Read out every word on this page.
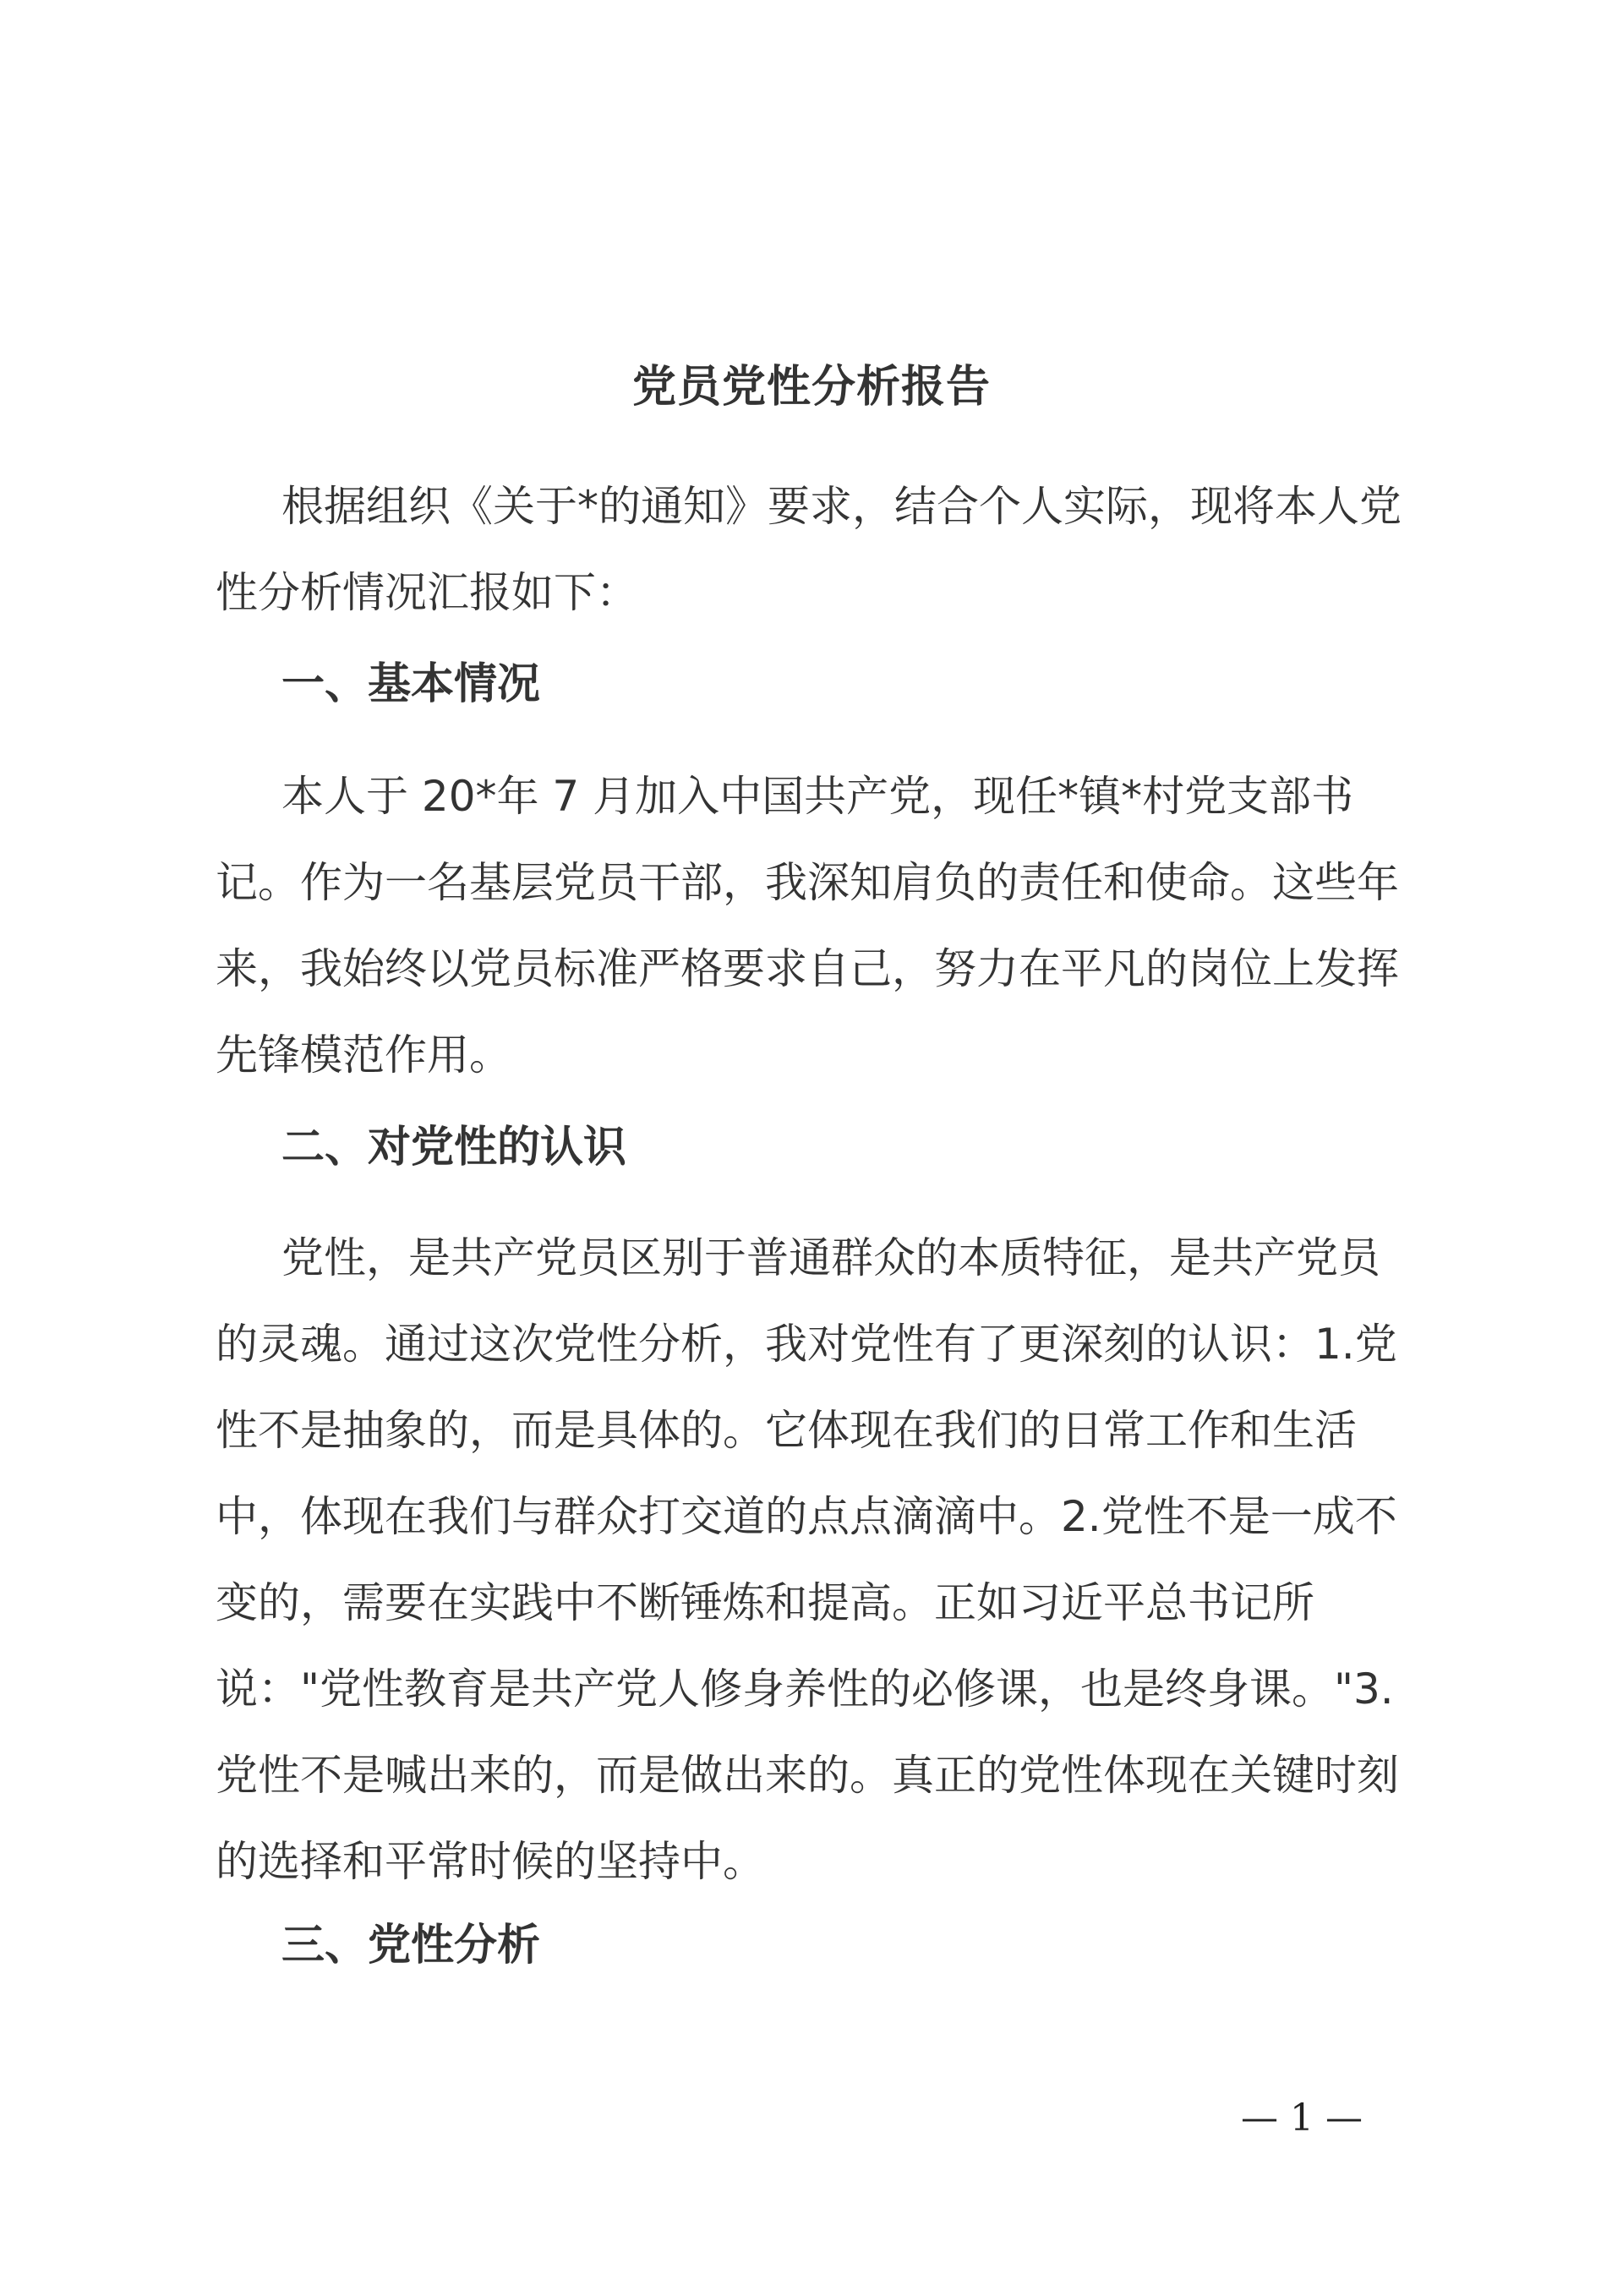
党员党性分析报告

根据组织《关于*的通知》要求，结合个人实际，现将本人党性分析情况汇报如下：

一、基本情况

本人于 20*年 7 月加入中国共产党，现任*镇*村党支部书记。作为一名基层党员干部，我深知肩负的责任和使命。这些年来，我始终以党员标准严格要求自己，努力在平凡的岗位上发挥先锋模范作用。

二、对党性的认识

党性，是共产党员区别于普通群众的本质特征，是共产党员的灵魂。通过这次党性分析，我对党性有了更深刻的认识：1.党性不是抽象的，而是具体的。它体现在我们的日常工作和生活中，体现在我们与群众打交道的点点滴滴中。2.党性不是一成不变的，需要在实践中不断锤炼和提高。正如习近平总书记所说："党性教育是共产党人修身养性的必修课，也是终身课。"3.党性不是喊出来的，而是做出来的。真正的党性体现在关键时刻的选择和平常时候的坚持中。

三、党性分析
— 1 —
